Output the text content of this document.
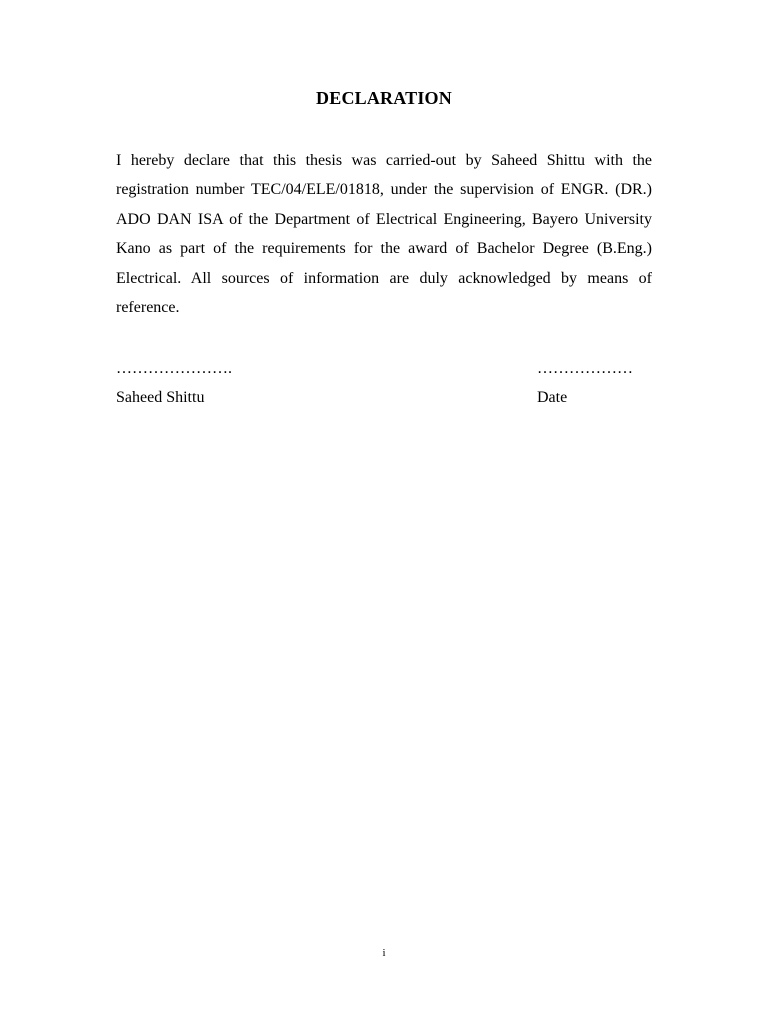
DECLARATION

I hereby declare that this thesis was carried-out by Saheed Shittu with the registration number TEC/04/ELE/01818, under the supervision of ENGR. (DR.) ADO DAN ISA of the Department of Electrical Engineering, Bayero University Kano as part of the requirements for the award of Bachelor Degree (B.Eng.) Electrical. All sources of information are duly acknowledged by means of reference.

………………….
Saheed Shittu
………………
Date
i
